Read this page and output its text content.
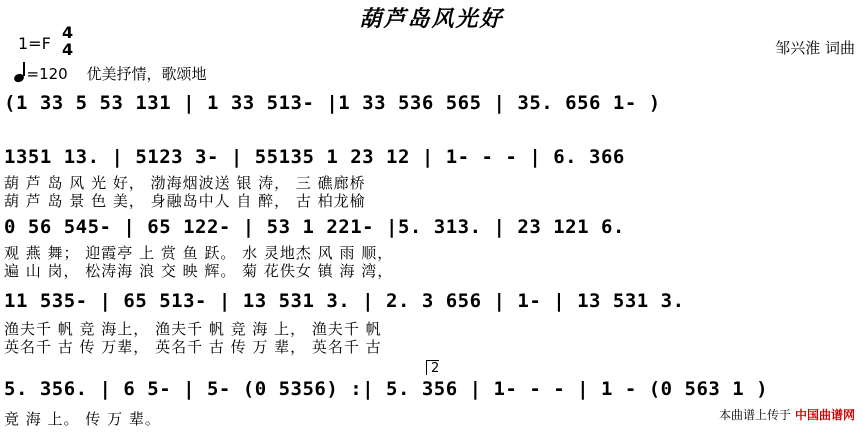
葫芦岛风光好
1=F
4
4
=120 优美抒情，歌颂地
邹兴淮 词曲
(1 33 5 53 131 | 1 33 513- |1 33 536 565 | 35. 656 1- )
1351 13. | 5123 3- | 55135 1 23 12 | 1- - - | 6. 366
葫 芦 岛 风 光 好， 渤海烟波送 银 涛， 三 礁廊桥
葫 芦 岛 景 色 美， 身融岛中人 自 醉， 古 柏龙榆
0 56 545- | 65 122- | 53 1 221- |5. 313. | 23 121 6.
观 燕 舞； 迎霞亭 上 赏 鱼 跃。 水 灵地杰 风 雨 顺，
遍 山 岗， 松涛海 浪 交 映 辉。 菊 花佚女 镇 海 湾，
11 535- | 65 513- | 13 531 3. | 2. 3 656 | 1- | 13 531 3.
渔夫千 帆 竞 海上， 渔夫千 帆 竞 海 上， 渔夫千 帆
英名千 古 传 万辈， 英名千 古 传 万 辈， 英名千 古
2
5. 356. | 6 5- | 5- (0 5356) :| 5. 356 | 1- - - | 1 - (0 563 1 )
竟 海 上。 传 万 辈。	本曲谱上传于 中国曲谱网
